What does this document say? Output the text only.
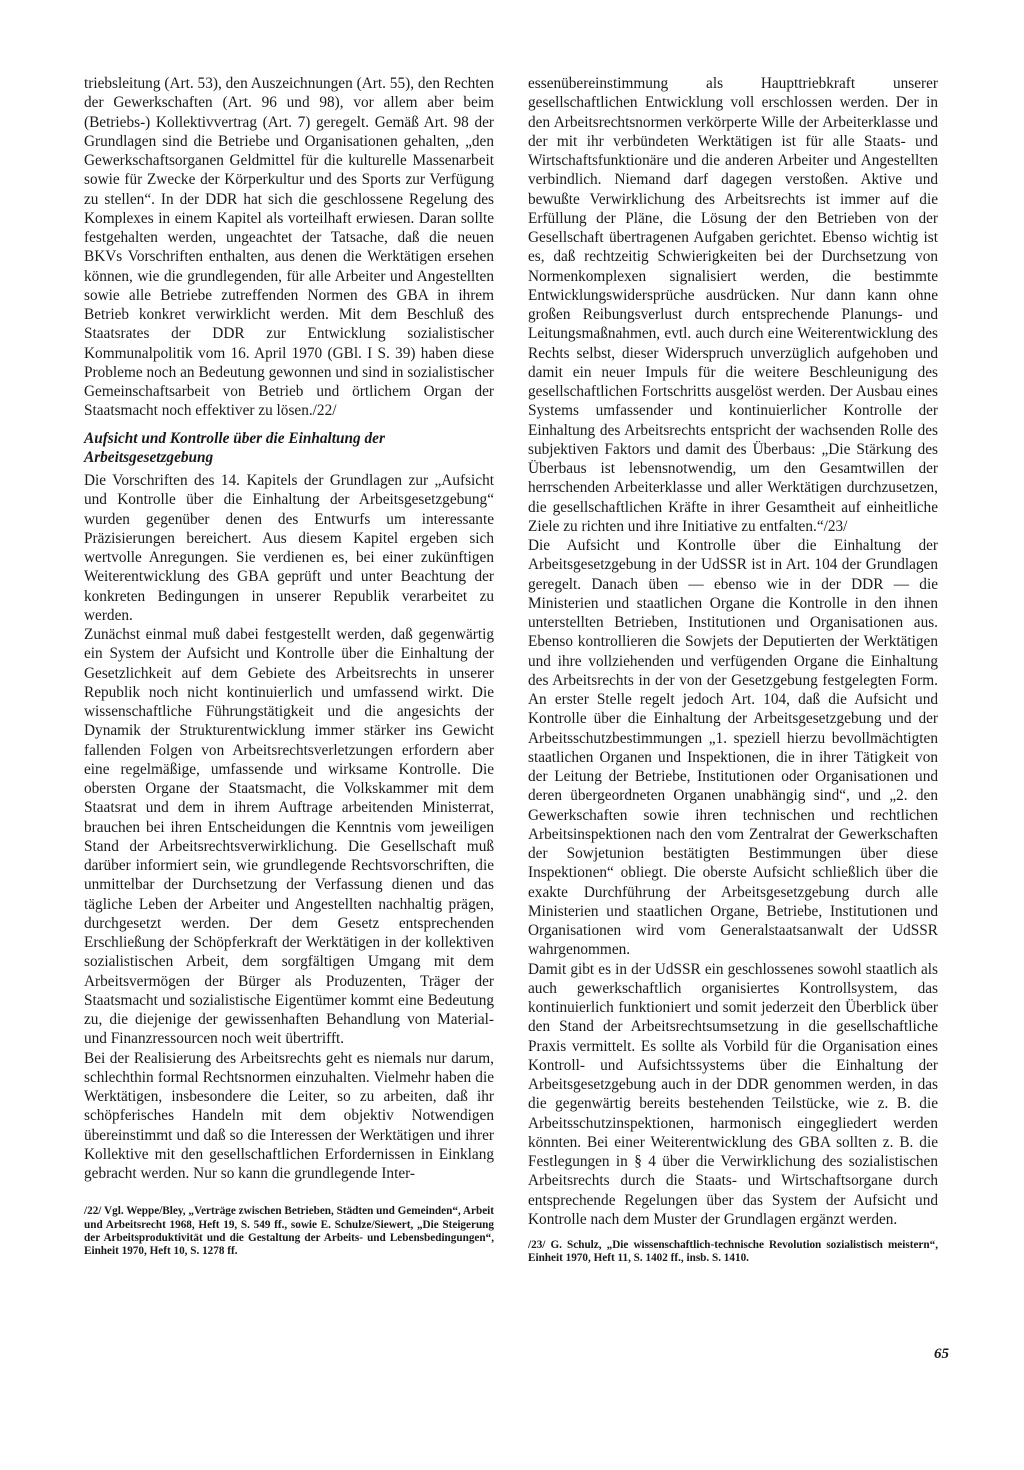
triebsleitung (Art. 53), den Auszeichnungen (Art. 55), den Rechten der Gewerkschaften (Art. 96 und 98), vor allem aber beim (Betriebs-) Kollektivvertrag (Art. 7) geregelt. Gemäß Art. 98 der Grundlagen sind die Betriebe und Organisationen gehalten, „den Gewerkschaftsorganen Geldmittel für die kulturelle Massenarbeit sowie für Zwecke der Körperkultur und des Sports zur Verfügung zu stellen“. In der DDR hat sich die geschlossene Regelung des Komplexes in einem Kapitel als vorteilhaft erwiesen. Daran sollte festgehalten werden, ungeachtet der Tatsache, daß die neuen BKVs Vorschriften enthalten, aus denen die Werktätigen ersehen können, wie die grundlegenden, für alle Arbeiter und Angestellten sowie alle Betriebe zutreffenden Normen des GBA in ihrem Betrieb konkret verwirklicht werden. Mit dem Beschluß des Staatsrates der DDR zur Entwicklung sozialistischer Kommunalpolitik vom 16. April 1970 (GBl. I S. 39) haben diese Probleme noch an Bedeutung gewonnen und sind in sozialistischer Gemeinschaftsarbeit von Betrieb und örtlichem Organ der Staatsmacht noch effektiver zu lösen./22/

Aufsicht und Kontrolle über die Einhaltung der Arbeitsgesetzgebung

Die Vorschriften des 14. Kapitels der Grundlagen zur „Aufsicht und Kontrolle über die Einhaltung der Arbeitsgesetzgebung“ wurden gegenüber denen des Entwurfs um interessante Präzisierungen bereichert. Aus diesem Kapitel ergeben sich wertvolle Anregungen. Sie verdienen es, bei einer zukünftigen Weiterentwicklung des GBA geprüft und unter Beachtung der konkreten Bedingungen in unserer Republik verarbeitet zu werden.

Zunächst einmal muß dabei festgestellt werden, daß gegenwärtig ein System der Aufsicht und Kontrolle über die Einhaltung der Gesetzlichkeit auf dem Gebiete des Arbeitsrechts in unserer Republik noch nicht kontinuierlich und umfassend wirkt. Die wissenschaftliche Führungstätigkeit und die angesichts der Dynamik der Strukturentwicklung immer stärker ins Gewicht fallenden Folgen von Arbeitsrechtsverletzungen erfordern aber eine regelmäßige, umfassende und wirksame Kontrolle. Die obersten Organe der Staatsmacht, die Volkskammer mit dem Staatsrat und dem in ihrem Auftrage arbeitenden Ministerrat, brauchen bei ihren Entscheidungen die Kenntnis vom jeweiligen Stand der Arbeitsrechtsverwirklichung. Die Gesellschaft muß darüber informiert sein, wie grundlegende Rechtsvorschriften, die unmittelbar der Durchsetzung der Verfassung dienen und das tägliche Leben der Arbeiter und Angestellten nachhaltig prägen, durchgesetzt werden. Der dem Gesetz entsprechenden Erschließung der Schöpferkraft der Werktätigen in der kollektiven sozialistischen Arbeit, dem sorgfältigen Umgang mit dem Arbeitsvermögen der Bürger als Produzenten, Träger der Staatsmacht und sozialistische Eigentümer kommt eine Bedeutung zu, die diejenige der gewissenhaften Behandlung von Material- und Finanzressourcen noch weit übertrifft.

Bei der Realisierung des Arbeitsrechts geht es niemals nur darum, schlechthin formal Rechtsnormen einzuhalten. Vielmehr haben die Werktätigen, insbesondere die Leiter, so zu arbeiten, daß ihr schöpferisches Handeln mit dem objektiv Notwendigen übereinstimmt und daß so die Interessen der Werktätigen und ihrer Kollektive mit den gesellschaftlichen Erfordernissen in Einklang gebracht werden. Nur so kann die grundlegende Inter-

/22/ Vgl. Weppe/Bley, „Verträge zwischen Betrieben, Städten und Gemeinden“, Arbeit und Arbeitsrecht 1968, Heft 19, S. 549 ff., sowie E. Schulze/Siewert, „Die Steigerung der Arbeitsproduktivität und die Gestaltung der Arbeits- und Lebensbedingungen“, Einheit 1970, Heft 10, S. 1278 ff.

essenübereinstimmung als Haupttriebkraft unserer gesellschaftlichen Entwicklung voll erschlossen werden. Der in den Arbeitsrechtsnormen verkörperte Wille der Arbeiterklasse und der mit ihr verbündeten Werktätigen ist für alle Staats- und Wirtschaftsfunktionäre und die anderen Arbeiter und Angestellten verbindlich. Niemand darf dagegen verstoßen. Aktive und bewußte Verwirklichung des Arbeitsrechts ist immer auf die Erfüllung der Pläne, die Lösung der den Betrieben von der Gesellschaft übertragenen Aufgaben gerichtet. Ebenso wichtig ist es, daß rechtzeitig Schwierigkeiten bei der Durchsetzung von Normenkomplexen signalisiert werden, die bestimmte Entwicklungswidersprüche ausdrücken. Nur dann kann ohne großen Reibungsverlust durch entsprechende Planungs- und Leitungsmaßnahmen, evtl. auch durch eine Weiterentwicklung des Rechts selbst, dieser Widerspruch unverzüglich aufgehoben und damit ein neuer Impuls für die weitere Beschleunigung des gesellschaftlichen Fortschritts ausgelöst werden. Der Ausbau eines Systems umfassender und kontinuierlicher Kontrolle der Einhaltung des Arbeitsrechts entspricht der wachsenden Rolle des subjektiven Faktors und damit des Überbaus: „Die Stärkung des Überbaus ist lebensnotwendig, um den Gesamtwillen der herrschenden Arbeiterklasse und aller Werktätigen durchzusetzen, die gesellschaftlichen Kräfte in ihrer Gesamtheit auf einheitliche Ziele zu richten und ihre Initiative zu entfalten.“/23/

Die Aufsicht und Kontrolle über die Einhaltung der Arbeitsgesetzgebung in der UdSSR ist in Art. 104 der Grundlagen geregelt. Danach üben — ebenso wie in der DDR — die Ministerien und staatlichen Organe die Kontrolle in den ihnen unterstellten Betrieben, Institutionen und Organisationen aus. Ebenso kontrollieren die Sowjets der Deputierten der Werktätigen und ihre vollziehenden und verfügenden Organe die Einhaltung des Arbeitsrechts in der von der Gesetzgebung festgelegten Form. An erster Stelle regelt jedoch Art. 104, daß die Aufsicht und Kontrolle über die Einhaltung der Arbeitsgesetzgebung und der Arbeitsschutzbestimmungen „1. speziell hierzu bevollmächtigten staatlichen Organen und Inspektionen, die in ihrer Tätigkeit von der Leitung der Betriebe, Institutionen oder Organisationen und deren übergeordneten Organen unabhängig sind“, und „2. den Gewerkschaften sowie ihren technischen und rechtlichen Arbeitsinspektionen nach den vom Zentralrat der Gewerkschaften der Sowjetunion bestätigten Bestimmungen über diese Inspektionen“ obliegt. Die oberste Aufsicht schließlich über die exakte Durchführung der Arbeitsgesetzgebung durch alle Ministerien und staatlichen Organe, Betriebe, Institutionen und Organisationen wird vom Generalstaatsanwalt der UdSSR wahrgenommen.

Damit gibt es in der UdSSR ein geschlossenes sowohl staatlich als auch gewerkschaftlich organisiertes Kontrollsystem, das kontinuierlich funktioniert und somit jederzeit den Überblick über den Stand der Arbeitsrechtsumsetzung in die gesellschaftliche Praxis vermittelt. Es sollte als Vorbild für die Organisation eines Kontroll- und Aufsichtssystems über die Einhaltung der Arbeitsgesetzgebung auch in der DDR genommen werden, in das die gegenwärtig bereits bestehenden Teilstücke, wie z. B. die Arbeitsschutzinspektionen, harmonisch eingegliedert werden könnten. Bei einer Weiterentwicklung des GBA sollten z. B. die Festlegungen in § 4 über die Verwirklichung des sozialistischen Arbeitsrechts durch die Staats- und Wirtschaftsorgane durch entsprechende Regelungen über das System der Aufsicht und Kontrolle nach dem Muster der Grundlagen ergänzt werden.

/23/ G. Schulz, „Die wissenschaftlich-technische Revolution sozialistisch meistern“, Einheit 1970, Heft 11, S. 1402 ff., insb. S. 1410.

65
